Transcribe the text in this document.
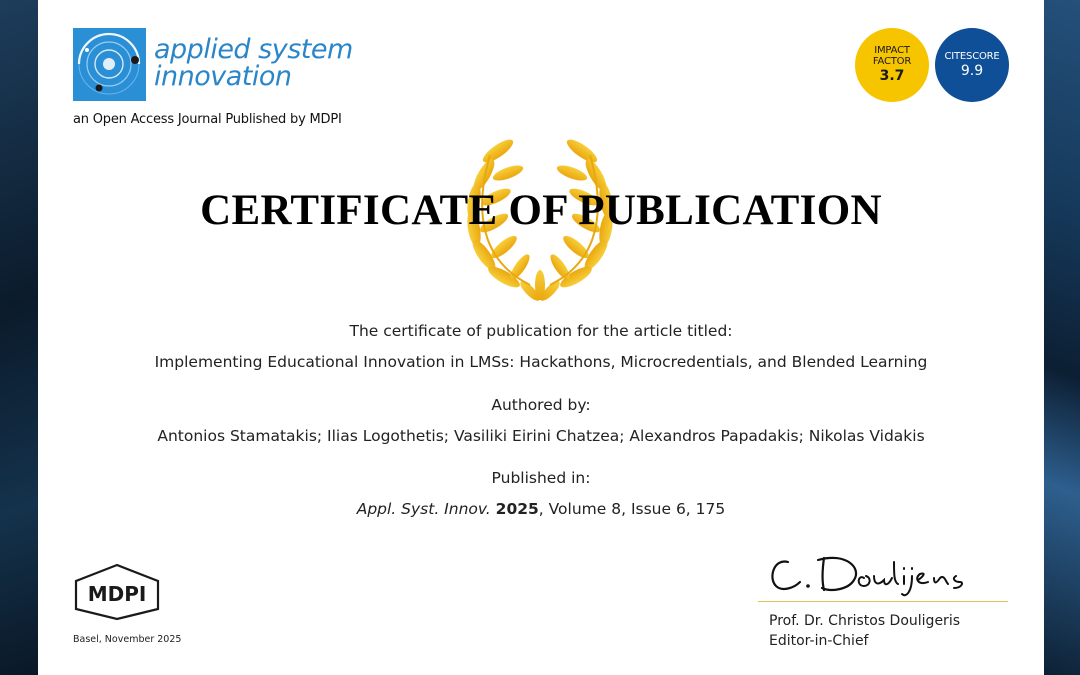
applied system
innovation
an Open Access Journal Published by MDPI
IMPACT
FACTOR
3.7
CITESCORE
9.9
CERTIFICATE OF PUBLICATION
The certificate of publication for the article titled:
Implementing Educational Innovation in LMSs: Hackathons, Microcredentials, and Blended Learning
Authored by:
Antonios Stamatakis; Ilias Logothetis; Vasiliki Eirini Chatzea; Alexandros Papadakis; Nikolas Vidakis
Published in:
Appl. Syst. Innov. 2025, Volume 8, Issue 6, 175
MDPI
Basel, November 2025
Prof. Dr. Christos Douligeris
Editor-in-Chief
